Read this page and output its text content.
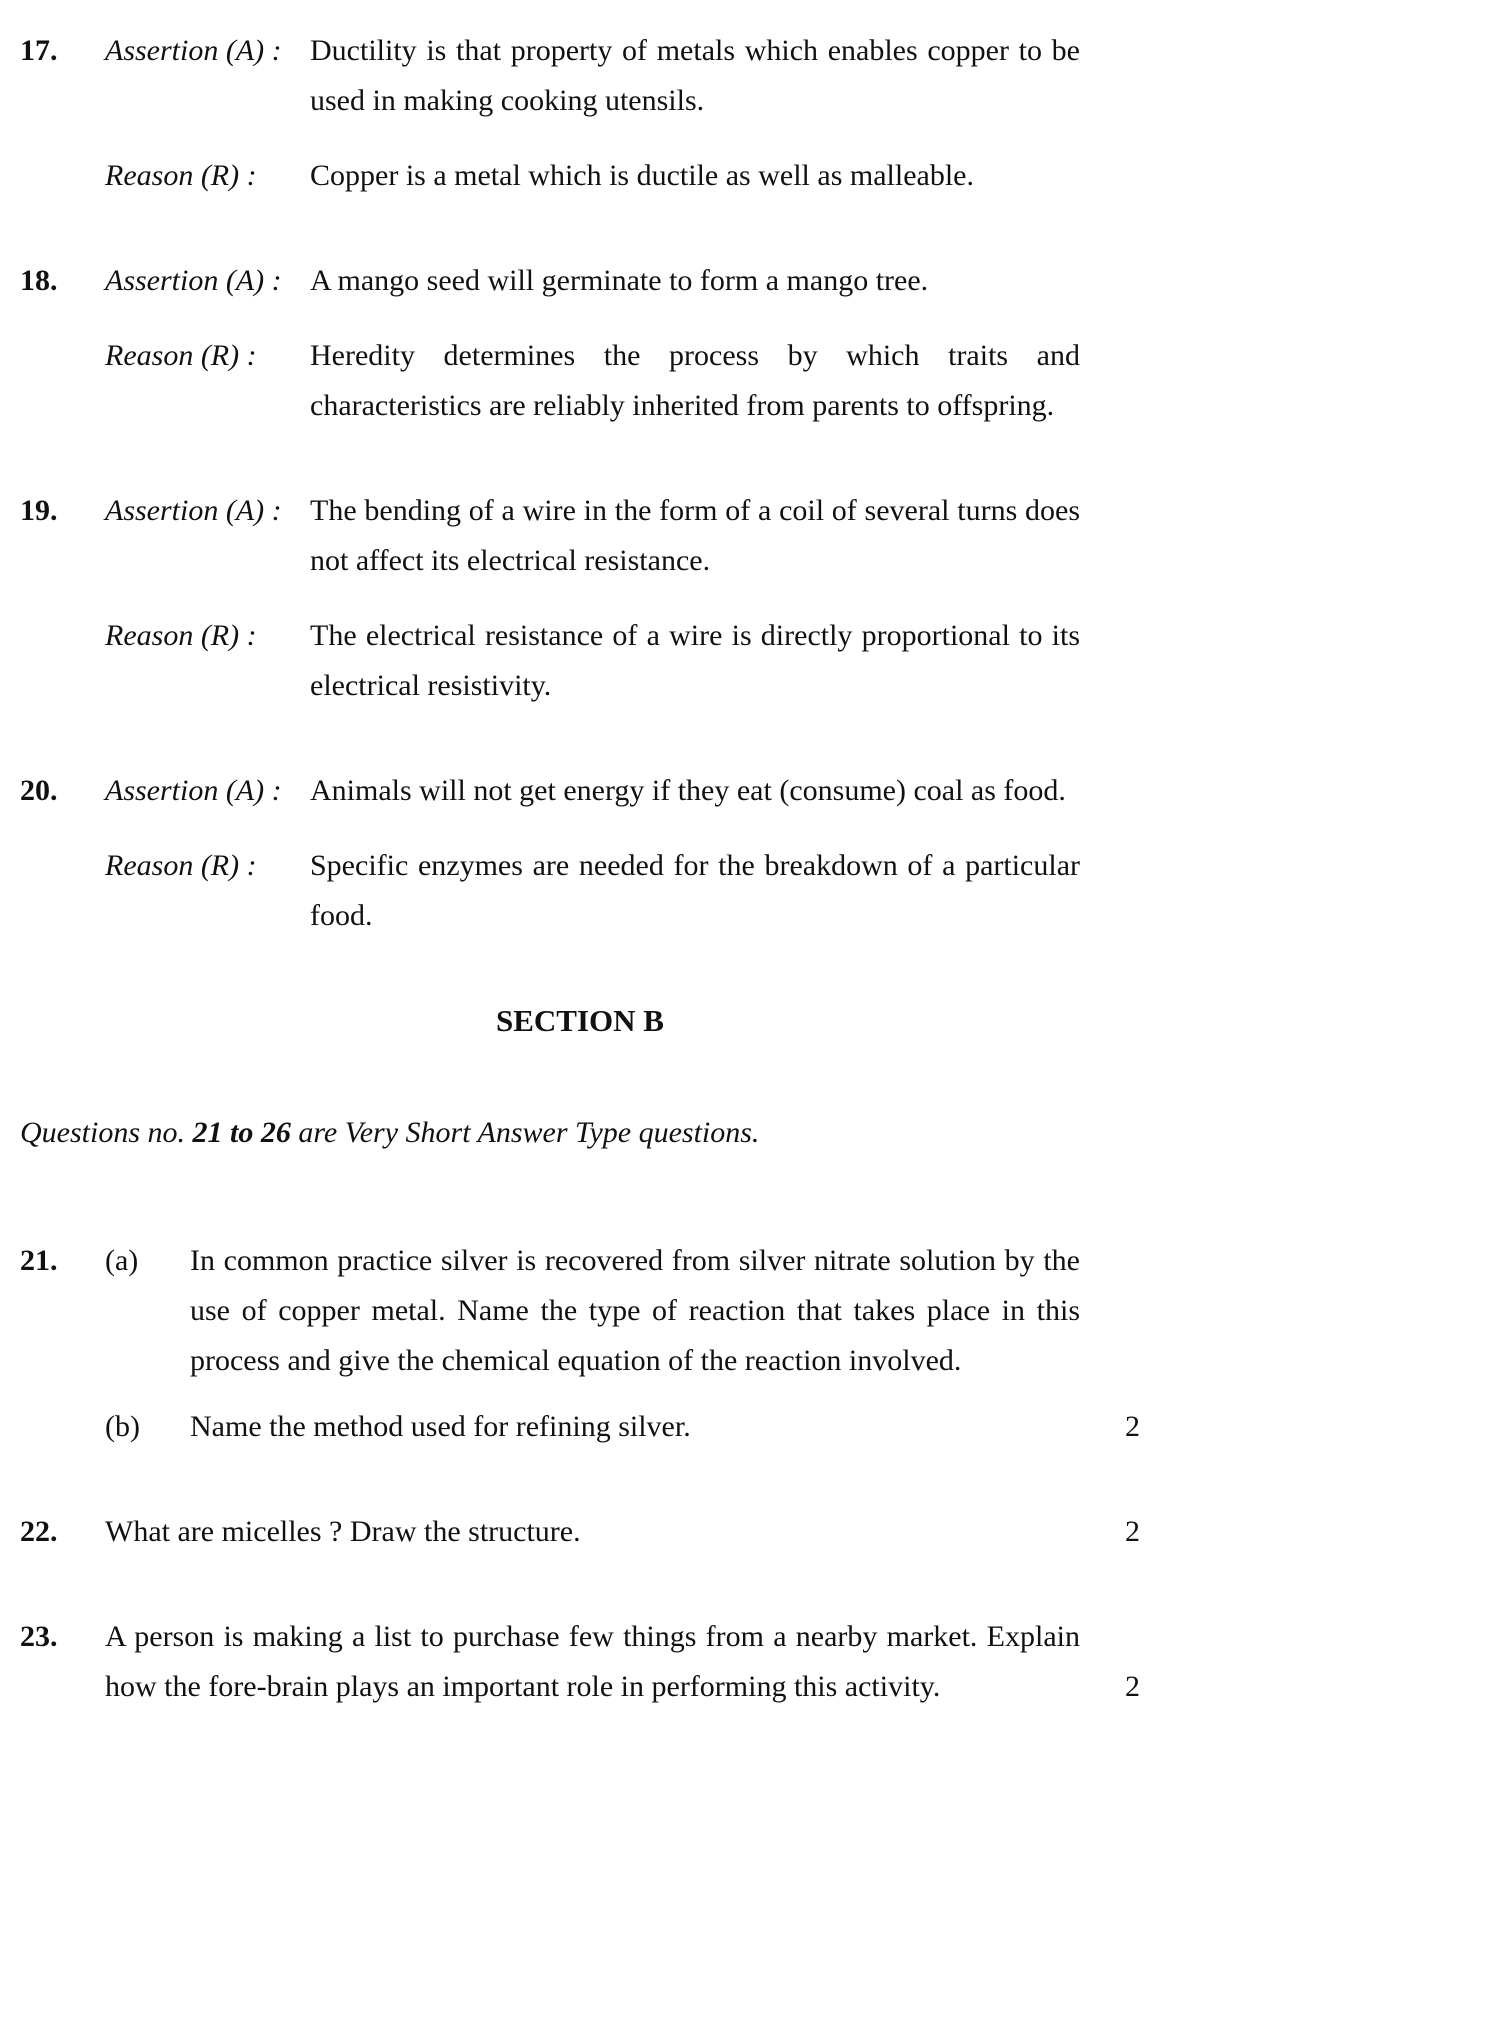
17.	Assertion (A) : Ductility is that property of metals which enables copper to be used in making cooking utensils.
Reason (R) :	Copper is a metal which is ductile as well as malleable.
18.	Assertion (A) : A mango seed will germinate to form a mango tree.
Reason (R) :	Heredity determines the process by which traits and characteristics are reliably inherited from parents to offspring.
19.	Assertion (A) : The bending of a wire in the form of a coil of several turns does not affect its electrical resistance.
Reason (R) :	The electrical resistance of a wire is directly proportional to its electrical resistivity.
20.	Assertion (A) : Animals will not get energy if they eat (consume) coal as food.
Reason (R) :	Specific enzymes are needed for the breakdown of a particular food.
SECTION B

Questions no. 21 to 26 are Very Short Answer Type questions.

21.	(a)	In common practice silver is recovered from silver nitrate solution by the use of copper metal. Name the type of reaction that takes place in this process and give the chemical equation of the reaction involved.
(b)	Name the method used for refining silver.	2
22.	What are micelles ? Draw the structure.	2
23.	A person is making a list to purchase few things from a nearby market. Explain how the fore-brain plays an important role in performing this activity.	2
